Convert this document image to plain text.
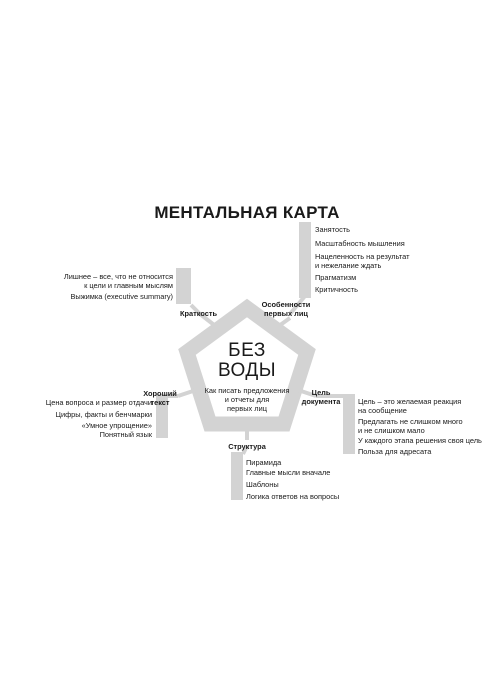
МЕНТАЛЬНАЯ КАРТА
БЕЗ
ВОДЫ
Как писать предложения
и отчеты для
первых лиц
Краткость
Лишнее – все, что не относится
к цели и главным мыслям
Выжимка (executive summary)
Особенности
первых лиц
Занятость
Масштабность мышления
Нацеленность на результат
и нежелание ждать
Прагматизм
Критичность
Хороший
текст
Цена вопроса и размер отдачи
Цифры, факты и бенчмарки
«Умное упрощение»
Понятный язык
Цель
документа Цель – это желаемая реакция
на сообщение
Предлагать не слишком много
и не слишком мало
У каждого этапа решения своя цель
Польза для адресата
Структура
Пирамида
Главные мысли вначале
Шаблоны
Логика ответов на вопросы
